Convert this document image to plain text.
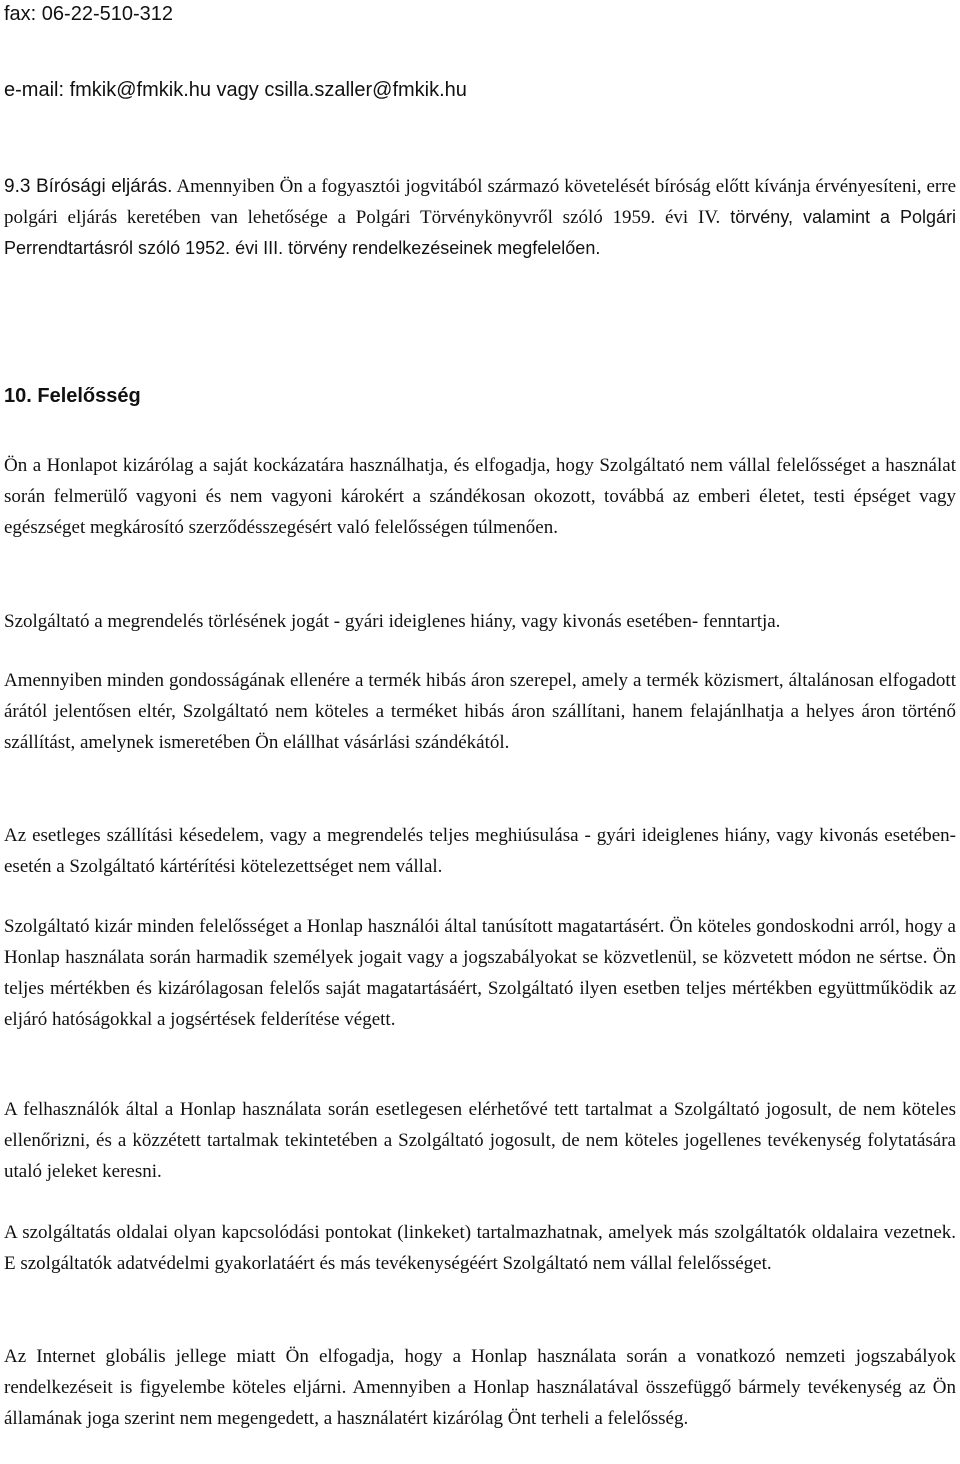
fax: 06-22-510-312
e-mail: fmkik@fmkik.hu vagy csilla.szaller@fmkik.hu
9.3 Bírósági eljárás. Amennyiben Ön a fogyasztói jogvitából származó követelését bíróság előtt kívánja érvényesíteni, erre polgári eljárás keretében van lehetősége a Polgári Törvénykönyvről szóló 1959. évi IV. törvény, valamint a Polgári Perrendtartásról szóló 1952. évi III. törvény rendelkezéseinek megfelelően.
10. Felelősség
Ön a Honlapot kizárólag a saját kockázatára használhatja, és elfogadja, hogy Szolgáltató nem vállal felelősséget a használat során felmerülő vagyoni és nem vagyoni károkért a szándékosan okozott, továbbá az emberi életet, testi épséget vagy egészséget megkárosító szerződésszegésért való felelősségen túlmenően.
Szolgáltató a megrendelés törlésének jogát - gyári ideiglenes hiány, vagy kivonás esetében- fenntartja.
Amennyiben minden gondosságának ellenére a termék hibás áron szerepel, amely a termék közismert, általánosan elfogadott árától jelentősen eltér, Szolgáltató nem köteles a terméket hibás áron szállítani, hanem felajánlhatja a helyes áron történő szállítást, amelynek ismeretében Ön elállhat vásárlási szándékától.
Az esetleges szállítási késedelem, vagy a megrendelés teljes meghiúsulása - gyári ideiglenes hiány, vagy kivonás esetében- esetén a Szolgáltató kártérítési kötelezettséget nem vállal.
Szolgáltató kizár minden felelősséget a Honlap használói által tanúsított magatartásért. Ön köteles gondoskodni arról, hogy a Honlap használata során harmadik személyek jogait vagy a jogszabályokat se közvetlenül, se közvetett módon ne sértse. Ön teljes mértékben és kizárólagosan felelős saját magatartásáért, Szolgáltató ilyen esetben teljes mértékben együttműködik az eljáró hatóságokkal a jogsértések felderítése végett.
A felhasználók által a Honlap használata során esetlegesen elérhetővé tett tartalmat a Szolgáltató jogosult, de nem köteles ellenőrizni, és a közzétett tartalmak tekintetében a Szolgáltató jogosult, de nem köteles jogellenes tevékenység folytatására utaló jeleket keresni.
A szolgáltatás oldalai olyan kapcsolódási pontokat (linkeket) tartalmazhatnak, amelyek más szolgáltatók oldalaira vezetnek. E szolgáltatók adatvédelmi gyakorlatáért és más tevékenységéért Szolgáltató nem vállal felelősséget.
Az Internet globális jellege miatt Ön elfogadja, hogy a Honlap használata során a vonatkozó nemzeti jogszabályok rendelkezéseit is figyelembe köteles eljárni. Amennyiben a Honlap használatával összefüggő bármely tevékenység az Ön államának joga szerint nem megengedett, a használatért kizárólag Önt terheli a felelősség.
